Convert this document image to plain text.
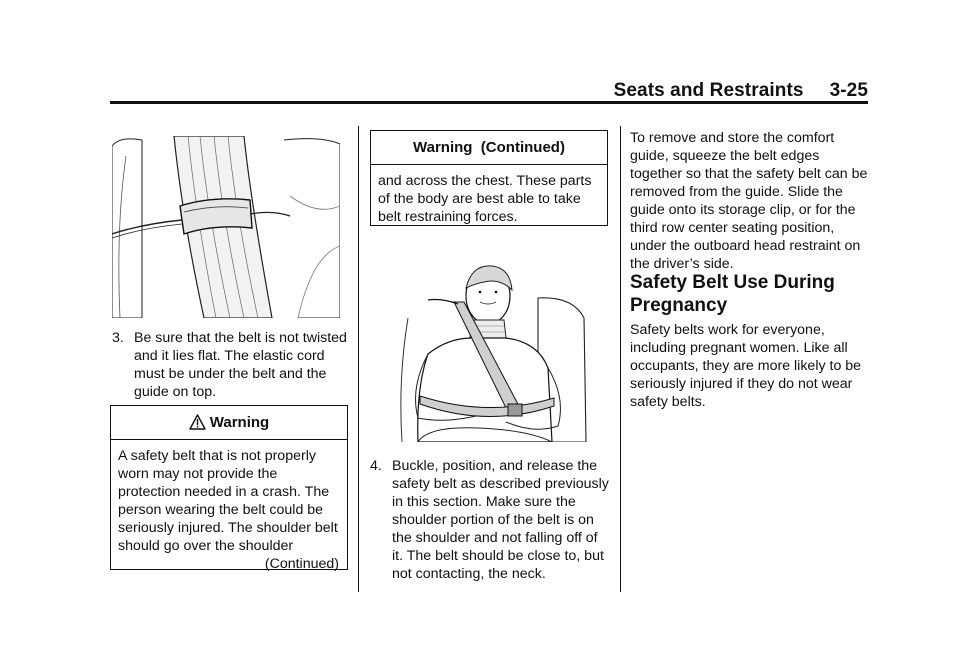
Seats and Restraints 3-25
3. Be sure that the belt is not twisted and it lies flat. The elastic cord must be under the belt and the guide on top.
Warning
A safety belt that is not properly worn may not provide the protection needed in a crash. The person wearing the belt could be seriously injured. The shoulder belt should go over the shoulder
(Continued)
Warning  (Continued)
and across the chest. These parts of the body are best able to take belt restraining forces.
4. Buckle, position, and release the safety belt as described previously in this section. Make sure the shoulder portion of the belt is on the shoulder and not falling off of it. The belt should be close to, but not contacting, the neck.
To remove and store the comfort guide, squeeze the belt edges together so that the safety belt can be removed from the guide. Slide the guide onto its storage clip, or for the third row center seating position, under the outboard head restraint on the driver’s side.
Safety Belt Use During Pregnancy
Safety belts work for everyone, including pregnant women. Like all occupants, they are more likely to be seriously injured if they do not wear safety belts.
